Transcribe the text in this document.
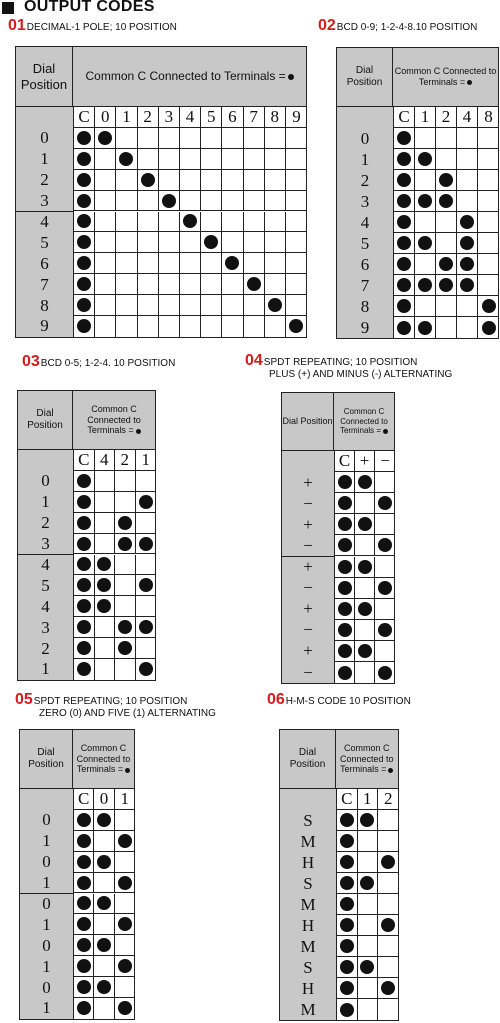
OUTPUT CODES
01DECIMAL-1 POLE; 10 POSITION
Dial Position
Common C Connected to Terminals =
C 0 1 2 3 4 5 6 7 8 9
0
1
2
3
4
5
6
7
8
9
02BCD 0-9; 1-2-4-8.10 POSITION
Dial Position
Common C Connected to Terminals =
C 1 2 4 8
0
1
2
3
4
5
6
7
8
9
03BCD 0-5; 1-2-4. 10 POSITION
Dial Position
Common C Connected to Terminals =
C 4 2 1
0
1
2
3
4
5
4
3
2
1
04SPDT REPEATING; 10 POSITION
PLUS (+) AND MINUS (-) ALTERNATING
Dial Position
Common C Connected to Terminals =
C + −
+
−
+
−
+
−
+
−
+
−
05SPDT REPEATING; 10 POSITION
ZERO (0) AND FIVE (1) ALTERNATING
Dial Position
Common C Connected to Terminals =
C 0 1
0
1
0
1
0
1
0
1
0
1
06H-M-S CODE 10 POSITION
Dial Position
Common C Connected to Terminals =
C 1 2
S
M
H
S
M
H
M
S
H
M
